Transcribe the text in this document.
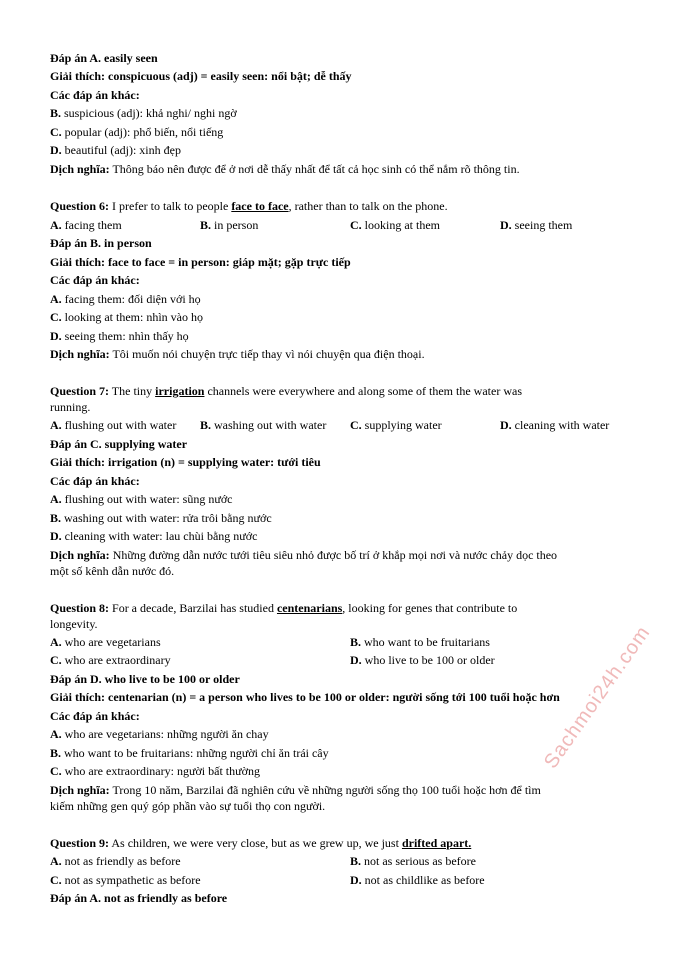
Đáp án A. easily seen
Giải thích: conspicuous (adj) = easily seen: nổi bật; dễ thấy
Các đáp án khác:
B. suspicious (adj): khả nghi/ nghi ngờ
C. popular (adj): phổ biến, nổi tiếng
D. beautiful (adj): xinh đẹp
Dịch nghĩa: Thông báo nên được để ở nơi dễ thấy nhất để tất cả học sinh có thể nắm rõ thông tin.
Question 6: I prefer to talk to people face to face, rather than to talk on the phone.
A. facing them	B. in person	C. looking at them	D. seeing them
Đáp án B. in person
Giải thích: face to face = in person: giáp mặt; gặp trực tiếp
Các đáp án khác:
A. facing them: đối diện với họ
C. looking at them: nhìn vào họ
D. seeing them: nhìn thấy họ
Dịch nghĩa: Tôi muốn nói chuyện trực tiếp thay vì nói chuyện qua điện thoại.
Question 7: The tiny irrigation channels were everywhere and along some of them the water was
running.
A. flushing out with water B. washing out with water C. supplying water	D. cleaning with water
Đáp án C. supplying water
Giải thích: irrigation (n) = supplying water: tưới tiêu
Các đáp án khác:
A. flushing out with water: sũng nước
B. washing out with water: rửa trôi bằng nước
D. cleaning with water: lau chùi bằng nước
Dịch nghĩa: Những đường dẫn nước tưới tiêu siêu nhỏ được bố trí ở khắp mọi nơi và nước chảy dọc theo
một số kênh dẫn nước đó.
Question 8: For a decade, Barzilai has studied centenarians, looking for genes that contribute to
longevity.
A. who are vegetarians	B. who want to be fruitarians
C. who are extraordinary	D. who live to be 100 or older
Đáp án D. who live to be 100 or older
Giải thích: centenarian (n) = a person who lives to be 100 or older: người sống tới 100 tuổi hoặc hơn
Các đáp án khác:
A. who are vegetarians: những người ăn chay
B. who want to be fruitarians: những người chỉ ăn trái cây
C. who are extraordinary: người bất thường
Dịch nghĩa: Trong 10 năm, Barzilai đã nghiên cứu về những người sống thọ 100 tuổi hoặc hơn để tìm
kiếm những gen quý góp phần vào sự tuổi thọ con người.
Question 9: As children, we were very close, but as we grew up, we just drifted apart.
A. not as friendly as before	B. not as serious as before
C. not as sympathetic as before	D. not as childlike as before
Đáp án A. not as friendly as before
Sachmoi24h.com
